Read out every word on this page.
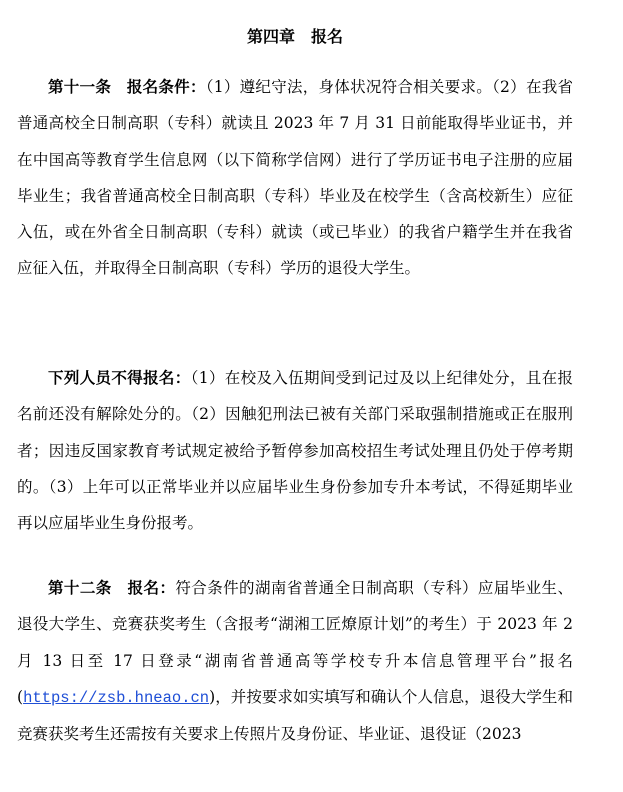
第四章　报名

第十一条　报名条件：（1）遵纪守法，身体状况符合相关要求。（2）在我省普通高校全日制高职（专科）就读且 2023 年 7 月 31 日前能取得毕业证书，并在中国高等教育学生信息网（以下简称学信网）进行了学历证书电子注册的应届毕业生；我省普通高校全日制高职（专科）毕业及在校学生（含高校新生）应征入伍，或在外省全日制高职（专科）就读（或已毕业）的我省户籍学生并在我省应征入伍，并取得全日制高职（专科）学历的退役大学生。

下列人员不得报名：（1）在校及入伍期间受到记过及以上纪律处分，且在报名前还没有解除处分的。（2）因触犯刑法已被有关部门采取强制措施或正在服刑者；因违反国家教育考试规定被给予暂停参加高校招生考试处理且仍处于停考期的。（3）上年可以正常毕业并以应届毕业生身份参加专升本考试，不得延期毕业再以应届毕业生身份报考。

第十二条　报名：符合条件的湖南省普通全日制高职（专科）应届毕业生、退役大学生、竞赛获奖考生（含报考“湖湘工匠燎原计划”的考生）于 2023 年 2 月 13 日至 17 日登录“湖南省普通高等学校专升本信息管理平台”报名(https://zsb.hneao.cn)，并按要求如实填写和确认个人信息，退役大学生和竞赛获奖考生还需按有关要求上传照片及身份证、毕业证、退役证（2023
